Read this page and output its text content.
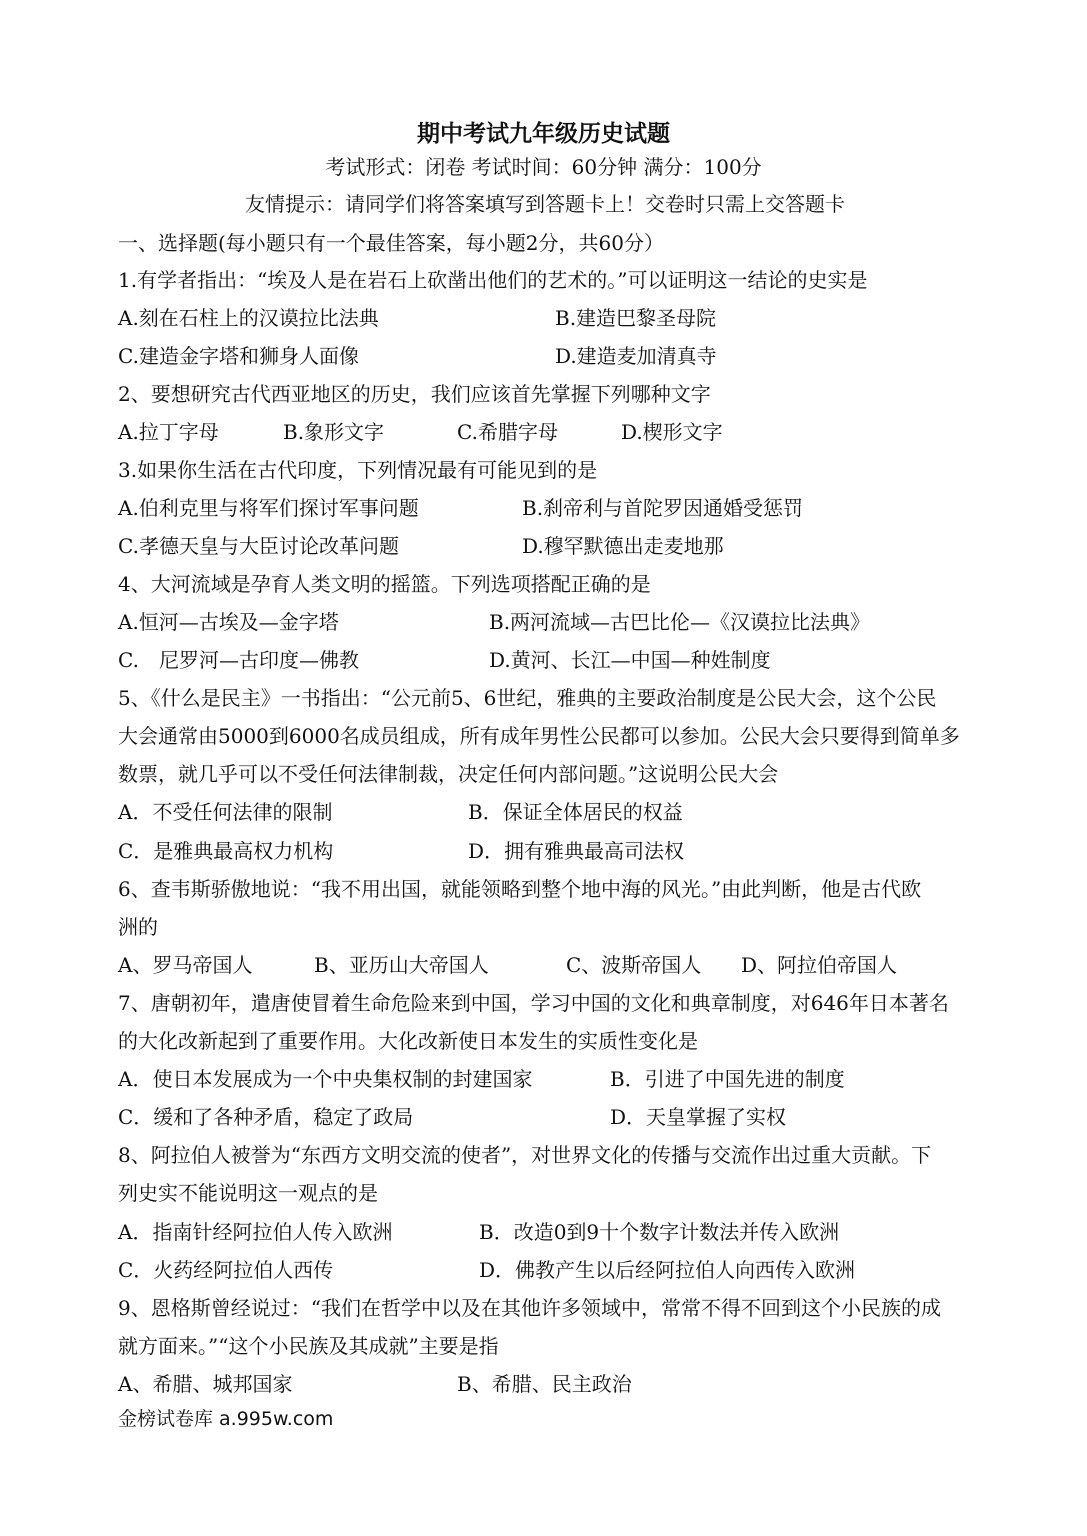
期中考试九年级历史试题
考试形式：闭卷 考试时间：60分钟 满分：100分
友情提示：请同学们将答案填写到答题卡上！交卷时只需上交答题卡
一、选择题(每小题只有一个最佳答案，每小题2分，共60分）
1.有学者指出：“埃及人是在岩石上砍凿出他们的艺术的。”可以证明这一结论的史实是
A.刻在石柱上的汉谟拉比法典	B.建造巴黎圣母院
C.建造金字塔和狮身人面像	D.建造麦加清真寺
2、要想研究古代西亚地区的历史，我们应该首先掌握下列哪种文字
A.拉丁字母	B.象形文字	C.希腊字母	D.楔形文字
3.如果你生活在古代印度，下列情况最有可能见到的是
A.伯利克里与将军们探讨军事问题	B.刹帝利与首陀罗因通婚受惩罚
C.孝德天皇与大臣讨论改革问题	D.穆罕默德出走麦地那
4、大河流域是孕育人类文明的摇篮。下列选项搭配正确的是
A.恒河—古埃及—金字塔	B.两河流域—古巴比伦—《汉谟拉比法典》
C.　尼罗河—古印度—佛教	D.黄河、长江—中国—种姓制度
5、《什么是民主》一书指出：“公元前5、6世纪，雅典的主要政治制度是公民大会，这个公民
大会通常由5000到6000名成员组成，所有成年男性公民都可以参加。公民大会只要得到简单多
数票，就几乎可以不受任何法律制裁，决定任何内部问题。”这说明公民大会
A．不受任何法律的限制	B．保证全体居民的权益
C．是雅典最高权力机构	D．拥有雅典最高司法权
6、查韦斯骄傲地说：“我不用出国，就能领略到整个地中海的风光。”由此判断，他是古代欧
洲的
A、罗马帝国人	B、亚历山大帝国人	C、波斯帝国人 D、阿拉伯帝国人
7、唐朝初年，遣唐使冒着生命危险来到中国，学习中国的文化和典章制度，对646年日本著名
的大化改新起到了重要作用。大化改新使日本发生的实质性变化是
A．使日本发展成为一个中央集权制的封建国家	B．引进了中国先进的制度
C．缓和了各种矛盾，稳定了政局	D．天皇掌握了实权
8、阿拉伯人被誉为“东西方文明交流的使者”，对世界文化的传播与交流作出过重大贡献。下
列史实不能说明这一观点的是
A．指南针经阿拉伯人传入欧洲	B．改造0到9十个数字计数法并传入欧洲
C．火药经阿拉伯人西传	D．佛教产生以后经阿拉伯人向西传入欧洲
9、恩格斯曾经说过：“我们在哲学中以及在其他许多领域中，常常不得不回到这个小民族的成
就方面来。”“这个小民族及其成就”主要是指
A、希腊、城邦国家	B、希腊、民主政治
金榜试卷库 a.995w.com
